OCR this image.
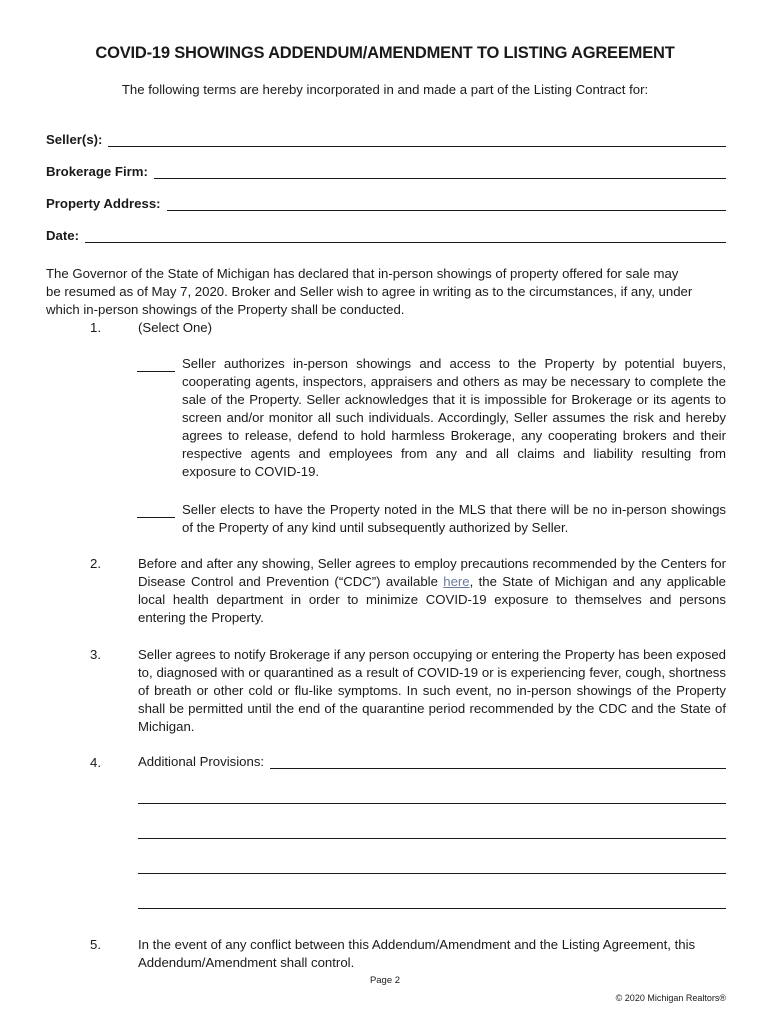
COVID-19 SHOWINGS ADDENDUM/AMENDMENT TO LISTING AGREEMENT
The following terms are hereby incorporated in and made a part of the Listing Contract for:
Seller(s):
Brokerage Firm:
Property Address:
Date:
The Governor of the State of Michigan has declared that in-person showings of property offered for sale may
be resumed as of May 7, 2020. Broker and Seller wish to agree in writing as to the circumstances, if any, under
which in-person showings of the Property shall be conducted.
1.	(Select One)
Seller authorizes in-person showings and access to the Property by potential buyers, cooperating agents, inspectors, appraisers and others as may be necessary to complete the sale of the Property. Seller acknowledges that it is impossible for Brokerage or its agents to screen and/or monitor all such individuals. Accordingly, Seller assumes the risk and hereby agrees to release, defend to hold harmless Brokerage, any cooperating brokers and their respective agents and employees from any and all claims and liability resulting from exposure to COVID-19.
Seller elects to have the Property noted in the MLS that there will be no in-person showings of the Property of any kind until subsequently authorized by Seller.
2.	Before and after any showing, Seller agrees to employ precautions recommended by the Centers for Disease Control and Prevention (“CDC”) available here, the State of Michigan and any applicable local health department in order to minimize COVID-19 exposure to themselves and persons entering the Property.
3.	Seller agrees to notify Brokerage if any person occupying or entering the Property has been exposed to, diagnosed with or quarantined as a result of COVID-19 or is experiencing fever, cough, shortness of breath or other cold or flu-like symptoms. In such event, no in-person showings of the Property shall be permitted until the end of the quarantine period recommended by the CDC and the State of Michigan.
4.	Additional Provisions:
5.	In the event of any conflict between this Addendum/Amendment and the Listing Agreement, this Addendum/Amendment shall control.
Page 2
© 2020 Michigan Realtors®
